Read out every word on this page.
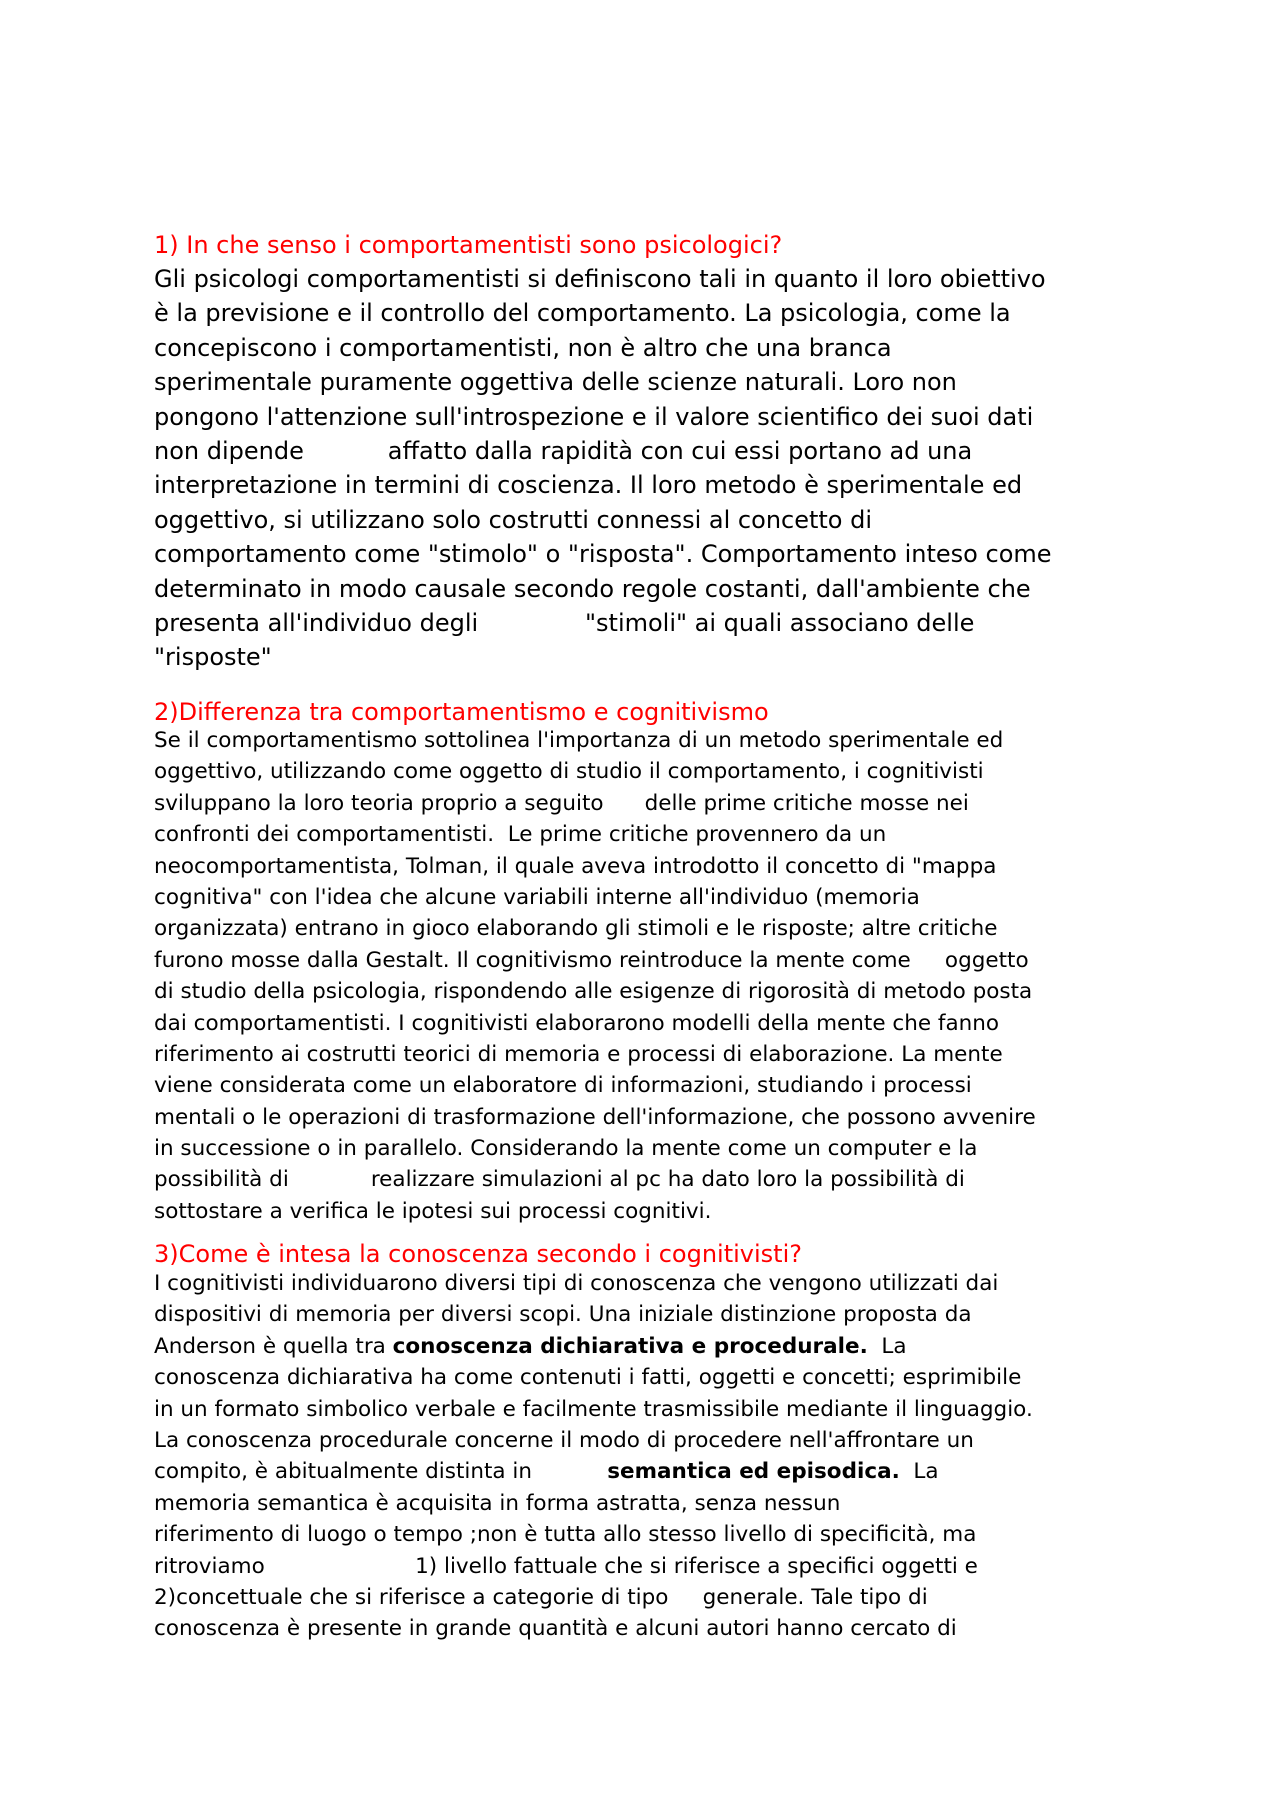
1) In che senso i comportamentisti sono psicologici?
Gli psicologi comportamentisti si definiscono tali in quanto il loro obiettivo
è la previsione e il controllo del comportamento. La psicologia, come la
concepiscono i comportamentisti, non è altro che una branca
sperimentale puramente oggettiva delle scienze naturali. Loro non
pongono l'attenzione sull'introspezione e il valore scientifico dei suoi dati
non dipende           affatto dalla rapidità con cui essi portano ad una
interpretazione in termini di coscienza. Il loro metodo è sperimentale ed
oggettivo, si utilizzano solo costrutti connessi al concetto di
comportamento come "stimolo" o "risposta". Comportamento inteso come
determinato in modo causale secondo regole costanti, dall'ambiente che
presenta all'individuo degli              "stimoli" ai quali associano delle
"risposte"
2)Differenza tra comportamentismo e cognitivismo
Se il comportamentismo sottolinea l'importanza di un metodo sperimentale ed
oggettivo, utilizzando come oggetto di studio il comportamento, i cognitivisti
sviluppano la loro teoria proprio a seguito      delle prime critiche mosse nei
confronti dei comportamentisti.  Le prime critiche provennero da un
neocomportamentista, Tolman, il quale aveva introdotto il concetto di "mappa
cognitiva" con l'idea che alcune variabili interne all'individuo (memoria
organizzata) entrano in gioco elaborando gli stimoli e le risposte; altre critiche
furono mosse dalla Gestalt. Il cognitivismo reintroduce la mente come     oggetto
di studio della psicologia, rispondendo alle esigenze di rigorosità di metodo posta
dai comportamentisti. I cognitivisti elaborarono modelli della mente che fanno
riferimento ai costrutti teorici di memoria e processi di elaborazione. La mente
viene considerata come un elaboratore di informazioni, studiando i processi
mentali o le operazioni di trasformazione dell'informazione, che possono avvenire
in successione o in parallelo. Considerando la mente come un computer e la
possibilità di            realizzare simulazioni al pc ha dato loro la possibilità di
sottostare a verifica le ipotesi sui processi cognitivi.
3)Come è intesa la conoscenza secondo i cognitivisti?
I cognitivisti individuarono diversi tipi di conoscenza che vengono utilizzati dai
dispositivi di memoria per diversi scopi. Una iniziale distinzione proposta da
Anderson è quella tra conoscenza dichiarativa e procedurale.  La
conoscenza dichiarativa ha come contenuti i fatti, oggetti e concetti; esprimibile
in un formato simbolico verbale e facilmente trasmissibile mediante il linguaggio.
La conoscenza procedurale concerne il modo di procedere nell'affrontare un
compito, è abitualmente distinta in           semantica ed episodica.  La
memoria semantica è acquisita in forma astratta, senza nessun
riferimento di luogo o tempo ;non è tutta allo stesso livello di specificità, ma
ritroviamo                      1) livello fattuale che si riferisce a specifici oggetti e
2)concettuale che si riferisce a categorie di tipo     generale. Tale tipo di
conoscenza è presente in grande quantità e alcuni autori hanno cercato di
